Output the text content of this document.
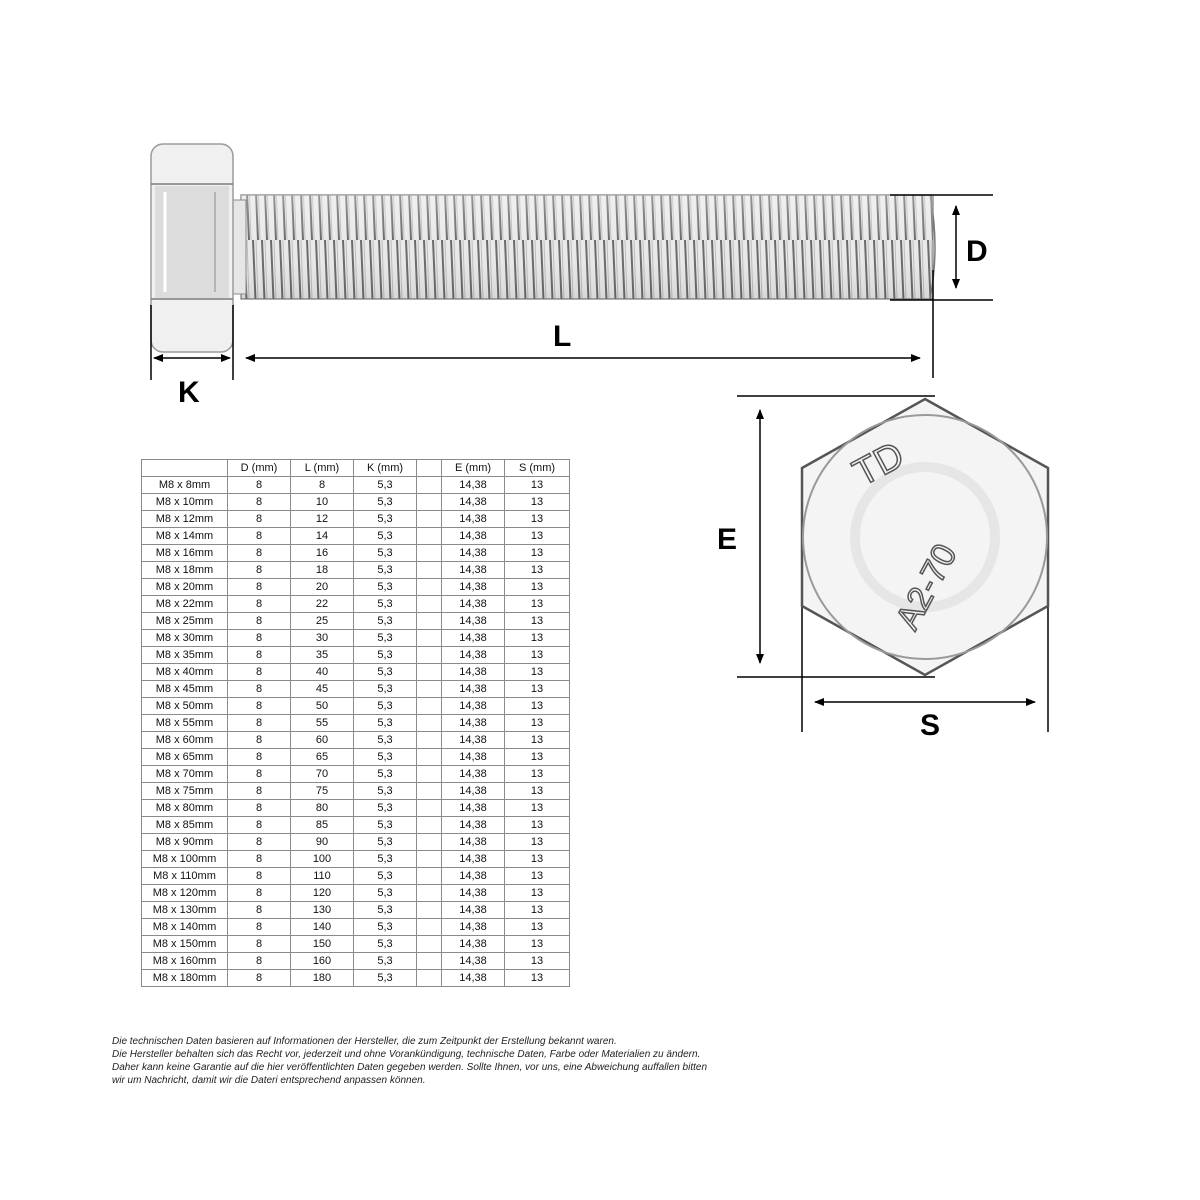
TD
A2-70
D
L
K
E
S
	D (mm)	L (mm)	K (mm)		E (mm)	S (mm)
M8 x 8mm	8	8	5,3		14,38	13
M8 x 10mm	8	10	5,3		14,38	13
M8 x 12mm	8	12	5,3		14,38	13
M8 x 14mm	8	14	5,3		14,38	13
M8 x 16mm	8	16	5,3		14,38	13
M8 x 18mm	8	18	5,3		14,38	13
M8 x 20mm	8	20	5,3		14,38	13
M8 x 22mm	8	22	5,3		14,38	13
M8 x 25mm	8	25	5,3		14,38	13
M8 x 30mm	8	30	5,3		14,38	13
M8 x 35mm	8	35	5,3		14,38	13
M8 x 40mm	8	40	5,3		14,38	13
M8 x 45mm	8	45	5,3		14,38	13
M8 x 50mm	8	50	5,3		14,38	13
M8 x 55mm	8	55	5,3		14,38	13
M8 x 60mm	8	60	5,3		14,38	13
M8 x 65mm	8	65	5,3		14,38	13
M8 x 70mm	8	70	5,3		14,38	13
M8 x 75mm	8	75	5,3		14,38	13
M8 x 80mm	8	80	5,3		14,38	13
M8 x 85mm	8	85	5,3		14,38	13
M8 x 90mm	8	90	5,3		14,38	13
M8 x 100mm	8	100	5,3		14,38	13
M8 x 110mm	8	110	5,3		14,38	13
M8 x 120mm	8	120	5,3		14,38	13
M8 x 130mm	8	130	5,3		14,38	13
M8 x 140mm	8	140	5,3		14,38	13
M8 x 150mm	8	150	5,3		14,38	13
M8 x 160mm	8	160	5,3		14,38	13
M8 x 180mm	8	180	5,3		14,38	13
Die technischen Daten basieren auf Informationen der Hersteller, die zum Zeitpunkt der Erstellung bekannt waren.
Die Hersteller behalten sich das Recht vor, jederzeit und ohne Vorankündigung, technische Daten, Farbe oder Materialien zu ändern.
Daher kann keine Garantie auf die hier veröffentlichten Daten gegeben werden. Sollte Ihnen, vor uns, eine Abweichung auffallen bitten
wir um Nachricht, damit wir die Dateri entsprechend anpassen können.
